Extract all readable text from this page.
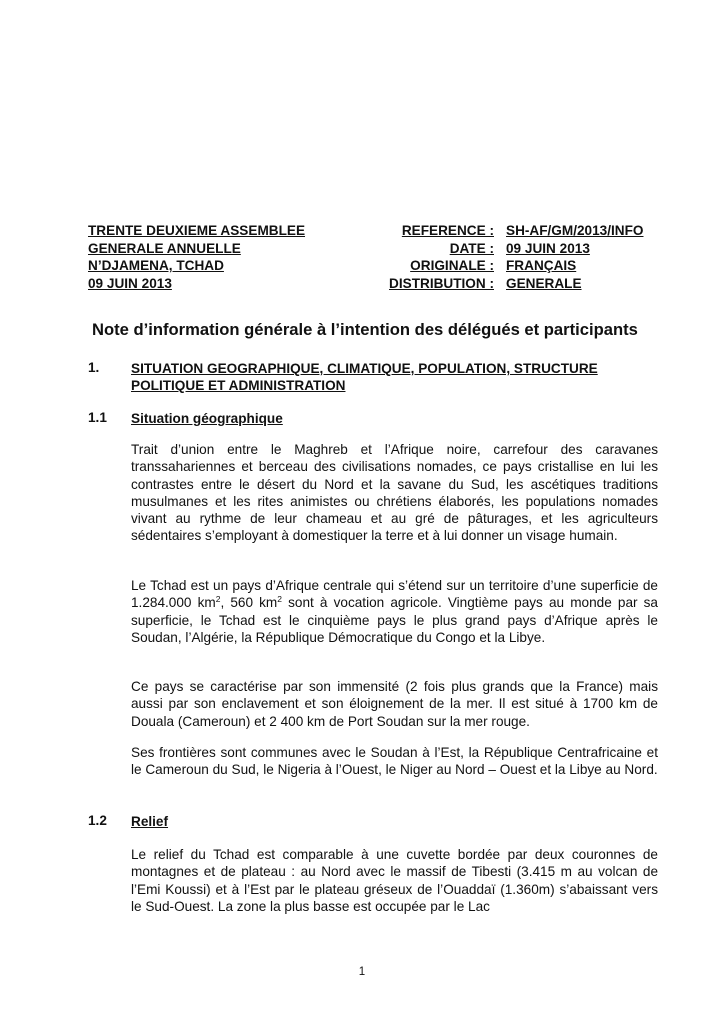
TRENTE DEUXIEME ASSEMBLEE
GENERALE ANNUELLE
N’DJAMENA, TCHAD
09 JUIN 2013
REFERENCE :
DATE :
ORIGINALE :
DISTRIBUTION :
SH-AF/GM/2013/INFO
09 JUIN 2013
FRANÇAIS
GENERALE
Note d’information générale à l’intention des délégués et participants
1. SITUATION GEOGRAPHIQUE, CLIMATIQUE, POPULATION, STRUCTURE
POLITIQUE ET ADMINISTRATION
1.1 Situation géographique
Trait d’union entre le Maghreb et l’Afrique noire, carrefour des caravanes transsahariennes et berceau des civilisations nomades, ce pays cristallise en lui les contrastes entre le désert du Nord et la savane du Sud, les ascétiques traditions musulmanes et les rites animistes ou chrétiens élaborés, les populations nomades vivant au rythme de leur chameau et au gré de pâturages, et les agriculteurs sédentaires s’employant à domestiquer la terre et à lui donner un visage humain.
Le Tchad est un pays d’Afrique centrale qui s’étend sur un territoire d’une superficie de 1.284.000 $km^2$, 560 $km^2$ sont à vocation agricole. Vingtième pays au monde par sa superficie, le Tchad est le cinquième pays le plus grand pays d’Afrique après le Soudan, l’Algérie, la République Démocratique du Congo et la Libye.
Ce pays se caractérise par son immensité (2 fois plus grands que la France) mais aussi par son enclavement et son éloignement de la mer. Il est situé à 1700 km de Douala (Cameroun) et 2 400 km de Port Soudan sur la mer rouge.
Ses frontières sont communes avec le Soudan à l’Est, la République Centrafricaine et le Cameroun du Sud, le Nigeria à l’Ouest, le Niger au Nord – Ouest et la Libye au Nord.
1.2 Relief
Le relief du Tchad est comparable à une cuvette bordée par deux couronnes de montagnes et de plateau : au Nord avec le massif de Tibesti (3.415 m au volcan de l’Emi Koussi) et à l’Est par le plateau gréseux de l’Ouaddaï (1.360m) s’abaissant vers le Sud-Ouest. La zone la plus basse est occupée par le Lac
1
